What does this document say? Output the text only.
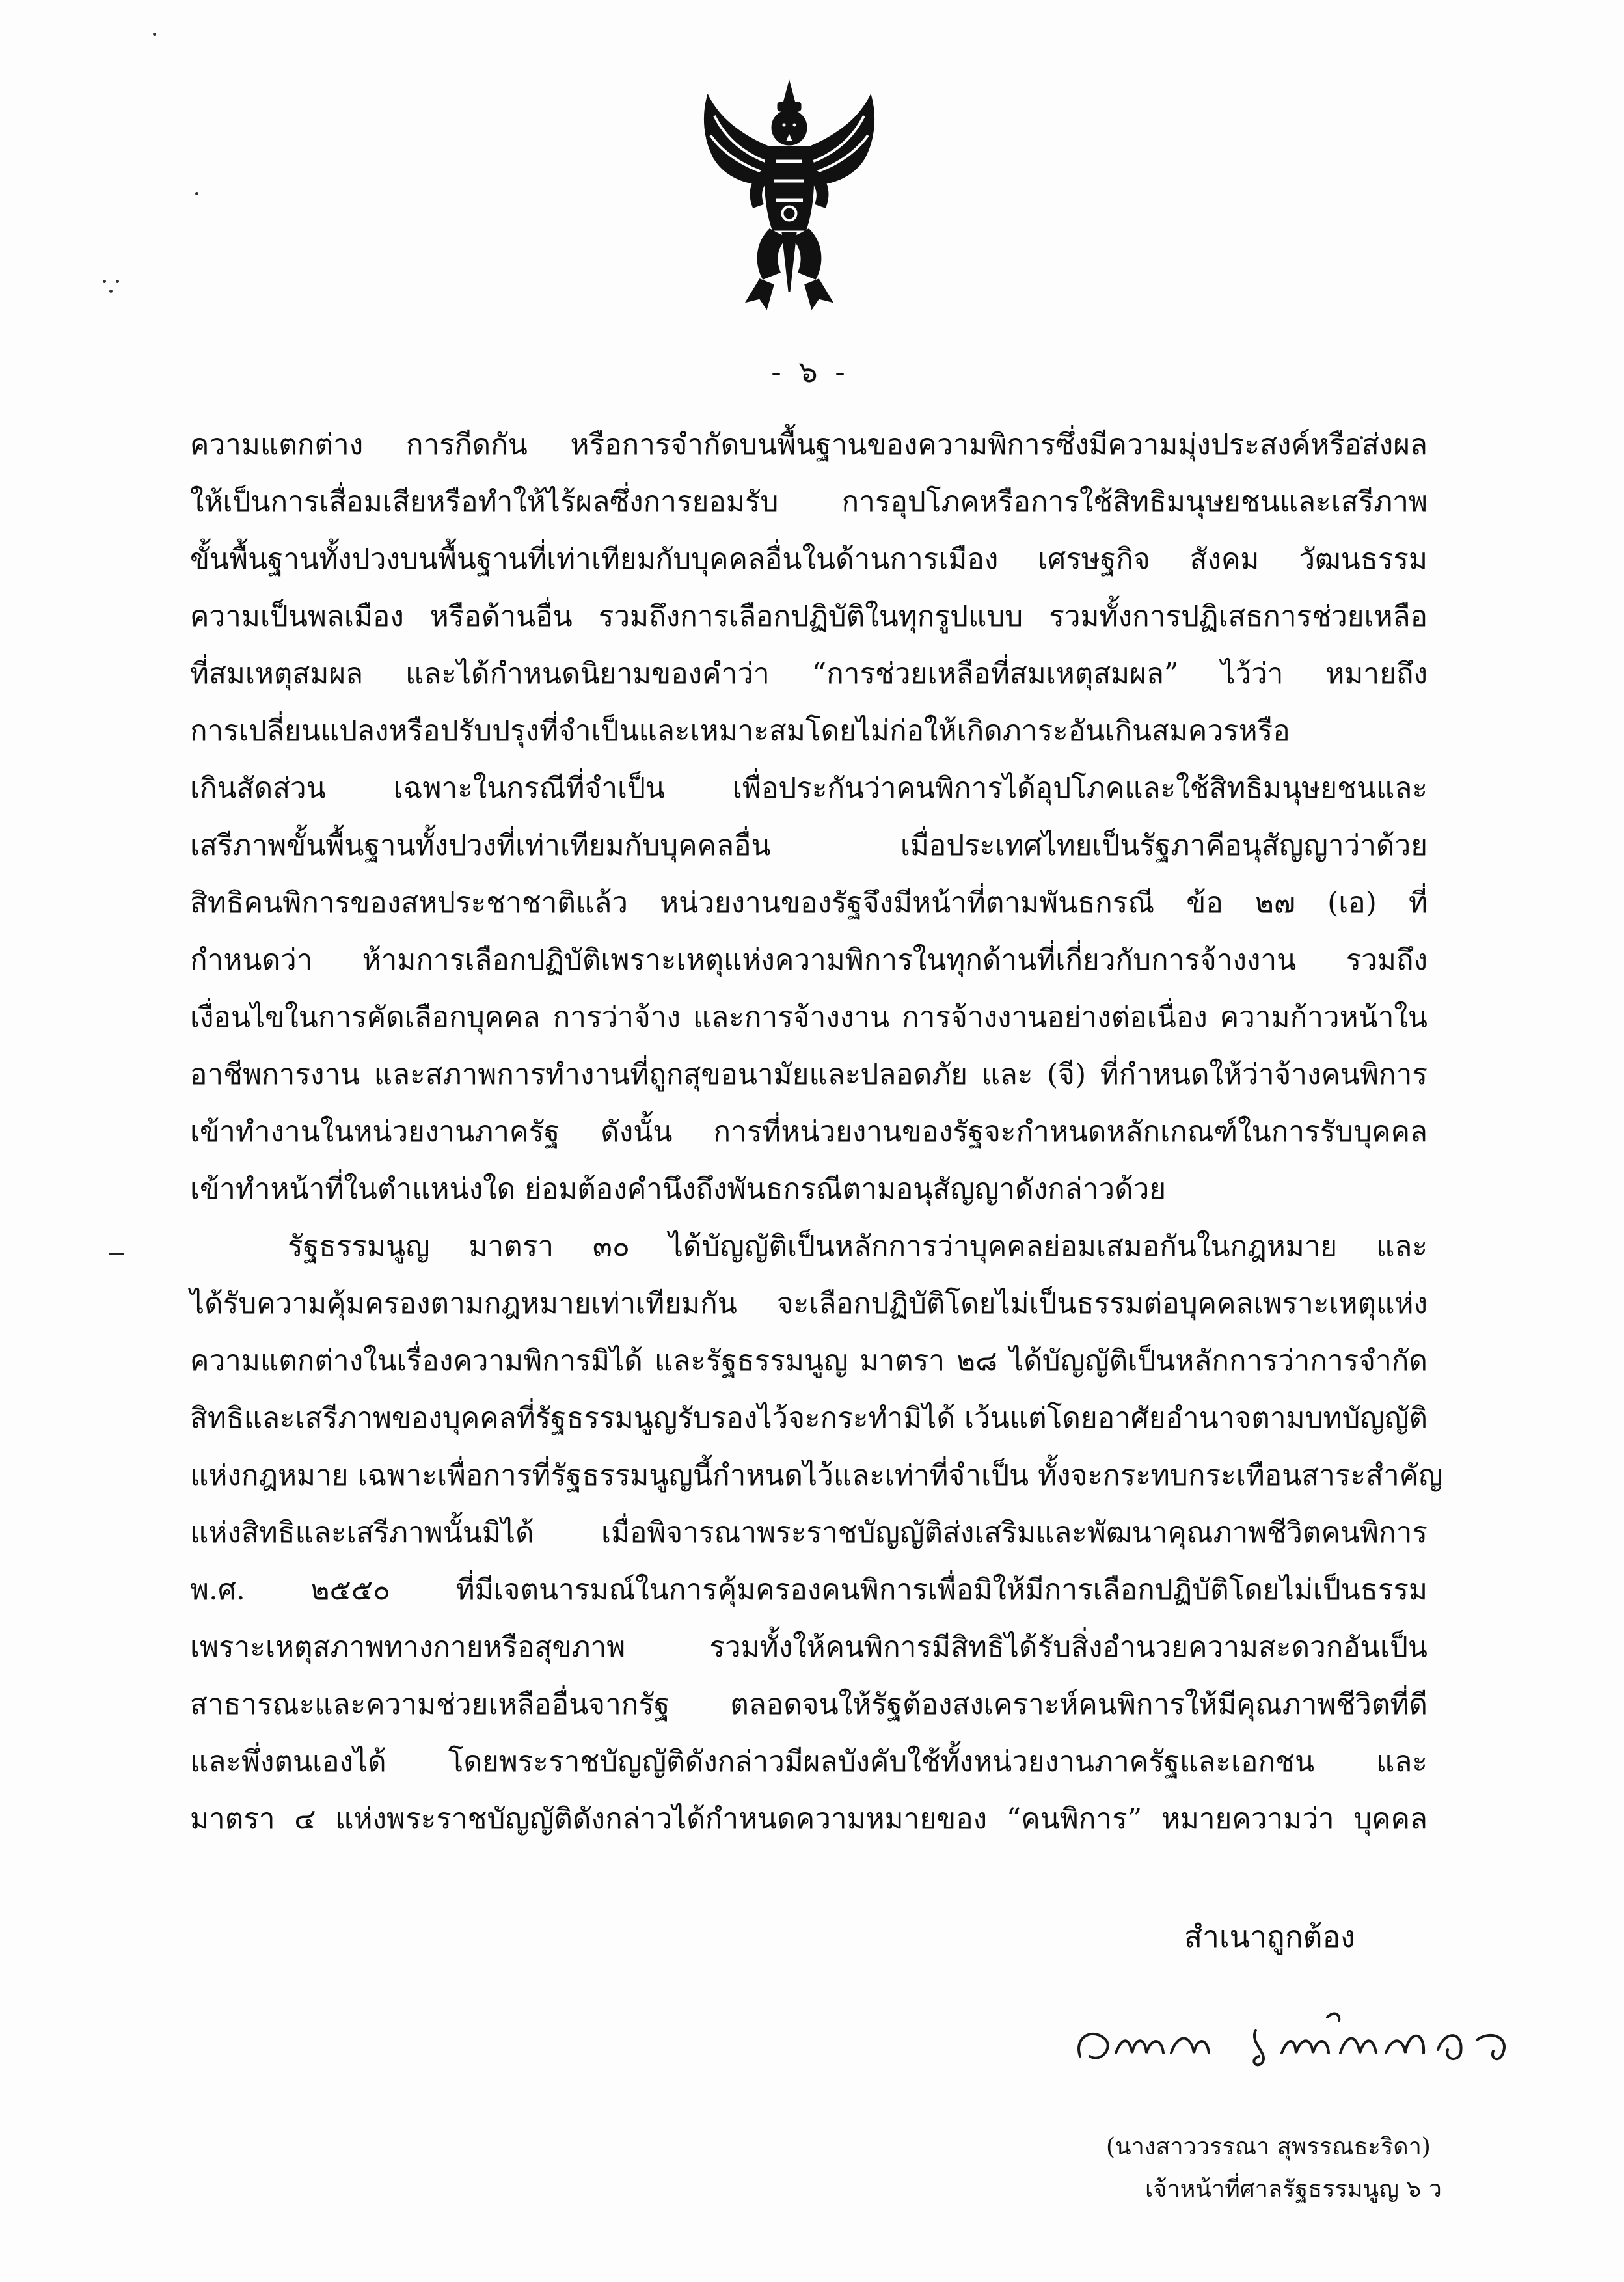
- ๖ -
ความแตกต่าง การกีดกัน หรือการจำกัดบนพื้นฐานของความพิการซึ่งมีความมุ่งประสงค์หรือส่งผล
ให้เป็นการเสื่อมเสียหรือทำให้ไร้ผลซึ่งการยอมรับ การอุปโภคหรือการใช้สิทธิมนุษยชนและเสรีภาพ
ขั้นพื้นฐานทั้งปวงบนพื้นฐานที่เท่าเทียมกับบุคคลอื่นในด้านการเมือง เศรษฐกิจ สังคม วัฒนธรรม
ความเป็นพลเมือง หรือด้านอื่น รวมถึงการเลือกปฏิบัติในทุกรูปแบบ รวมทั้งการปฏิเสธการช่วยเหลือ
ที่สมเหตุสมผล และได้กำหนดนิยามของคำว่า “การช่วยเหลือที่สมเหตุสมผล” ไว้ว่า หมายถึง
การเปลี่ยนแปลงหรือปรับปรุงที่จำเป็นและเหมาะสมโดยไม่ก่อให้เกิดภาระอันเกินสมควรหรือ
เกินสัดส่วน เฉพาะในกรณีที่จำเป็น เพื่อประกันว่าคนพิการได้อุปโภคและใช้สิทธิมนุษยชนและ
เสรีภาพขั้นพื้นฐานทั้งปวงที่เท่าเทียมกับบุคคลอื่น เมื่อประเทศไทยเป็นรัฐภาคีอนุสัญญาว่าด้วย
สิทธิคนพิการของสหประชาชาติแล้ว หน่วยงานของรัฐจึงมีหน้าที่ตามพันธกรณี ข้อ ๒๗ (เอ) ที่
กำหนดว่า ห้ามการเลือกปฏิบัติเพราะเหตุแห่งความพิการในทุกด้านที่เกี่ยวกับการจ้างงาน รวมถึง
เงื่อนไขในการคัดเลือกบุคคล การว่าจ้าง และการจ้างงาน การจ้างงานอย่างต่อเนื่อง ความก้าวหน้าใน
อาชีพการงาน และสภาพการทำงานที่ถูกสุขอนามัยและปลอดภัย และ (จี) ที่กำหนดให้ว่าจ้างคนพิการ
เข้าทำงานในหน่วยงานภาครัฐ ดังนั้น การที่หน่วยงานของรัฐจะกำหนดหลักเกณฑ์ในการรับบุคคล
เข้าทำหน้าที่ในตำแหน่งใด ย่อมต้องคำนึงถึงพันธกรณีตามอนุสัญญาดังกล่าวด้วย
รัฐธรรมนูญ มาตรา ๓๐ ได้บัญญัติเป็นหลักการว่าบุคคลย่อมเสมอกันในกฎหมาย และ
ได้รับความคุ้มครองตามกฎหมายเท่าเทียมกัน จะเลือกปฏิบัติโดยไม่เป็นธรรมต่อบุคคลเพราะเหตุแห่ง
ความแตกต่างในเรื่องความพิการมิได้ และรัฐธรรมนูญ มาตรา ๒๘ ได้บัญญัติเป็นหลักการว่าการจำกัด
สิทธิและเสรีภาพของบุคคลที่รัฐธรรมนูญรับรองไว้จะกระทำมิได้ เว้นแต่โดยอาศัยอำนาจตามบทบัญญัติ
แห่งกฎหมาย เฉพาะเพื่อการที่รัฐธรรมนูญนี้กำหนดไว้และเท่าที่จำเป็น ทั้งจะกระทบกระเทือนสาระสำคัญ
แห่งสิทธิและเสรีภาพนั้นมิได้ เมื่อพิจารณาพระราชบัญญัติส่งเสริมและพัฒนาคุณภาพชีวิตคนพิการ
พ.ศ. ๒๕๕๐ ที่มีเจตนารมณ์ในการคุ้มครองคนพิการเพื่อมิให้มีการเลือกปฏิบัติโดยไม่เป็นธรรม
เพราะเหตุสภาพทางกายหรือสุขภาพ รวมทั้งให้คนพิการมีสิทธิได้รับสิ่งอำนวยความสะดวกอันเป็น
สาธารณะและความช่วยเหลืออื่นจากรัฐ ตลอดจนให้รัฐต้องสงเคราะห์คนพิการให้มีคุณภาพชีวิตที่ดี
และพึ่งตนเองได้ โดยพระราชบัญญัติดังกล่าวมีผลบังคับใช้ทั้งหน่วยงานภาครัฐและเอกชน และ
มาตรา ๔ แห่งพระราชบัญญัติดังกล่าวได้กำหนดความหมายของ “คนพิการ” หมายความว่า บุคคล
สำเนาถูกต้อง
(นางสาววรรณา สุพรรณธะริดา)
เจ้าหน้าที่ศาลรัฐธรรมนูญ ๖ ว
